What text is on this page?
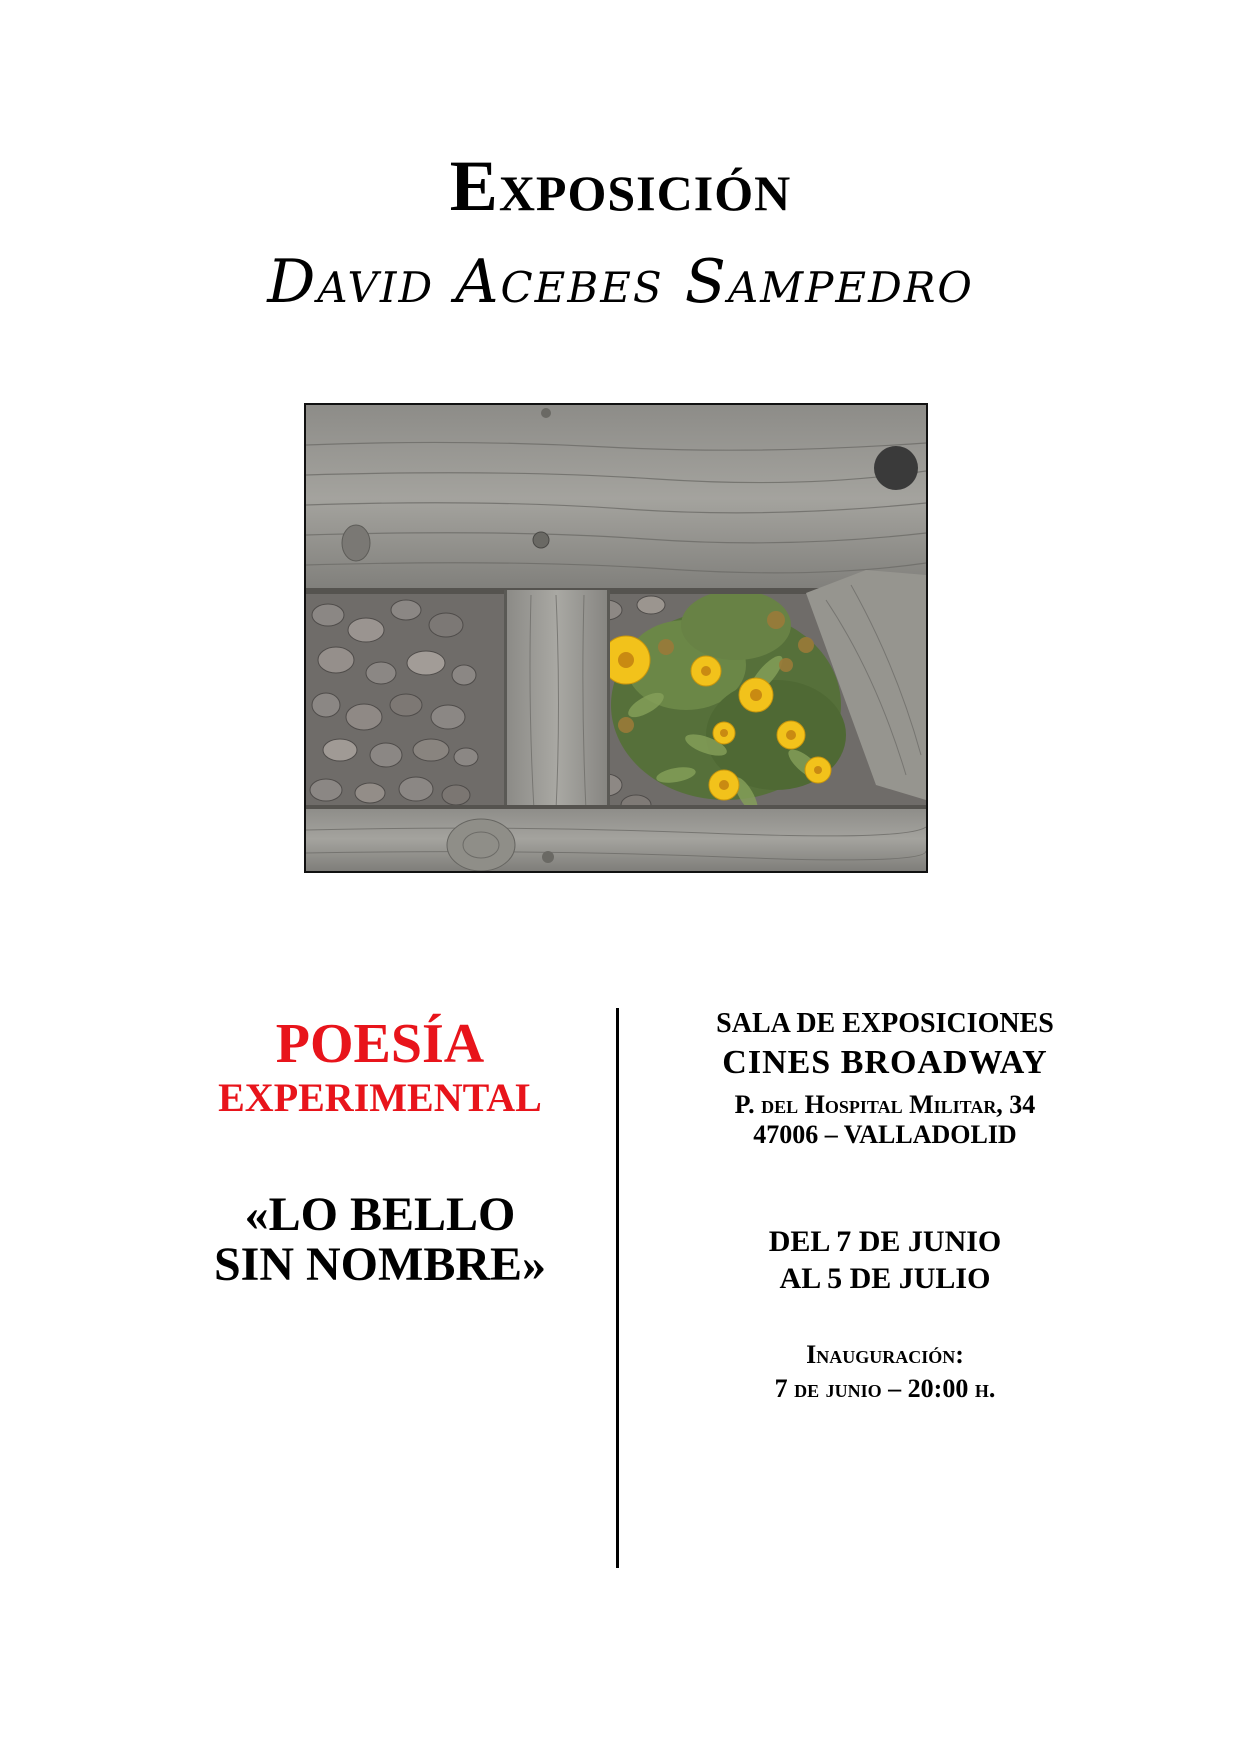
Exposición
David Acebes Sampedro
POESÍA
EXPERIMENTAL
«LO BELLO
SIN NOMBRE»
SALA DE EXPOSICIONES
CINES BROADWAY
P. del Hospital Militar, 34
47006 – VALLADOLID
DEL 7 DE JUNIO
AL 5 DE JULIO
Inauguración:
7 de junio – 20:00 h.
